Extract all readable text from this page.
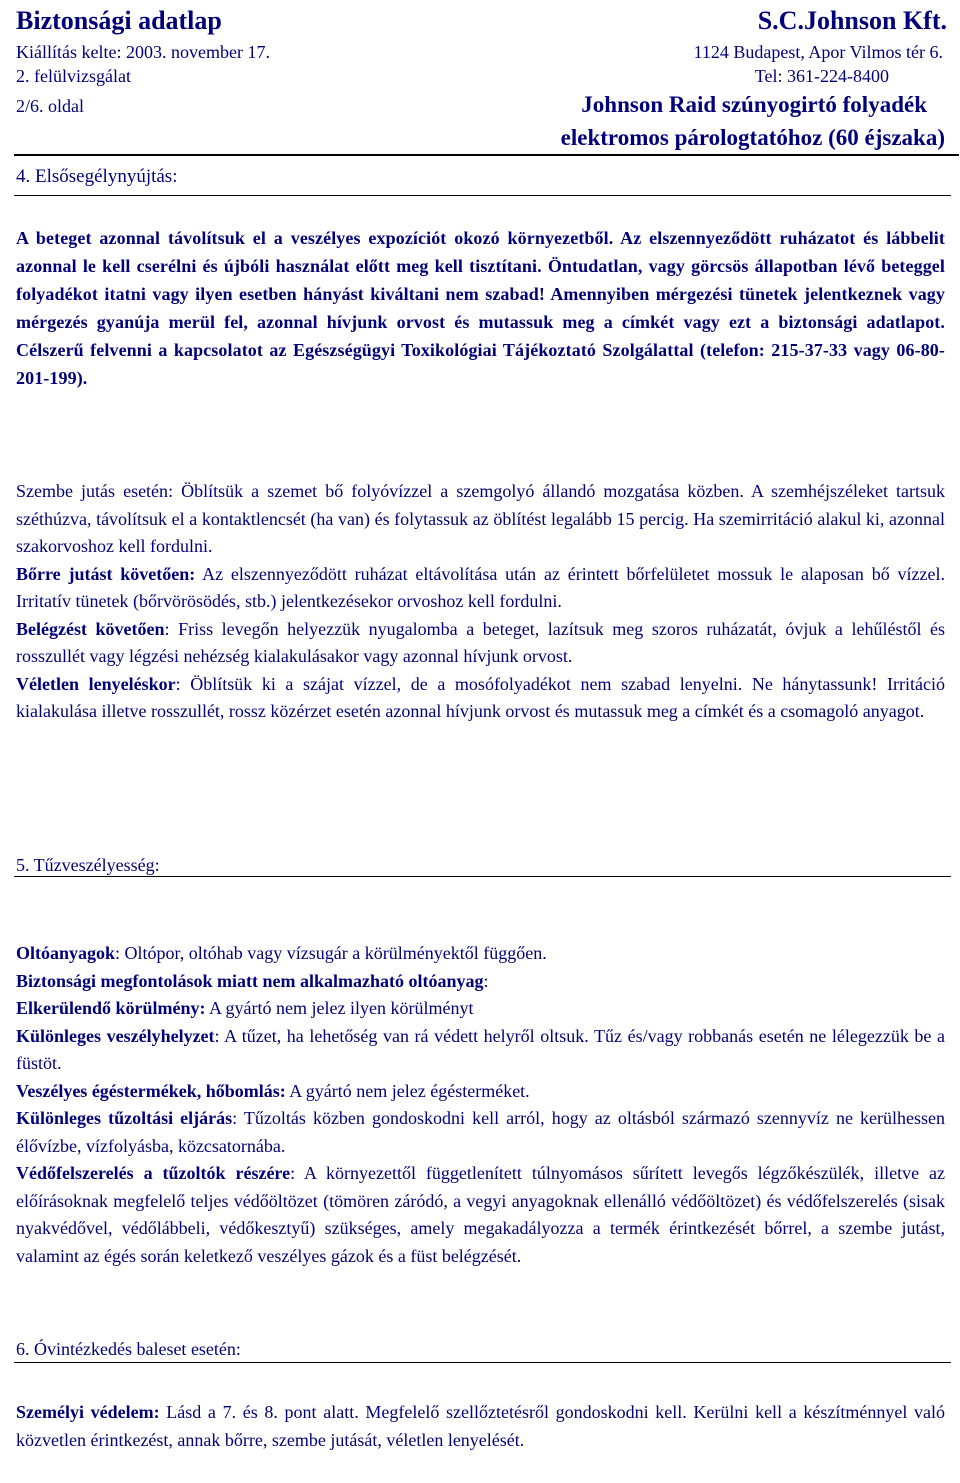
Biztonsági adatlap	S.C.Johnson Kft.
Kiállítás kelte: 2003. november 17.	1124 Budapest, Apor Vilmos tér 6.
2. felülvizsgálat	Tel: 361-224-8400
2/6. oldal	Johnson Raid szúnyogirtó folyadék
elektromos párologtatóhoz (60 éjszaka)
4. Elsősegélynyújtás:
A beteget azonnal távolítsuk el a veszélyes expozíciót okozó környezetből. Az elszennyeződött ruházatot és lábbelit azonnal le kell cserélni és újbóli használat előtt meg kell tisztítani. Öntudatlan, vagy görcsös állapotban lévő beteggel folyadékot itatni vagy ilyen esetben hányást kiváltani nem szabad! Amennyiben mérgezési tünetek jelentkeznek vagy mérgezés gyanúja merül fel, azonnal hívjunk orvost és mutassuk meg a címkét vagy ezt a biztonsági adatlapot. Célszerű felvenni a kapcsolatot az Egészségügyi Toxikológiai Tájékoztató Szolgálattal (telefon: 215-37-33 vagy 06-80-201-199).

Szembe jutás esetén: Öblítsük a szemet bő folyóvízzel a szemgolyó állandó mozgatása közben. A szemhéjszéleket tartsuk széthúzva, távolítsuk el a kontaktlencsét (ha van) és folytassuk az öblítést legalább 15 percig. Ha szemirritáció alakul ki, azonnal szakorvoshoz kell fordulni.

Bőrre jutást követően: Az elszennyeződött ruházat eltávolítása után az érintett bőrfelületet mossuk le alaposan bő vízzel. Irritatív tünetek (bőrvörösödés, stb.) jelentkezésekor orvoshoz kell fordulni.

Belégzést követően: Friss levegőn helyezzük nyugalomba a beteget, lazítsuk meg szoros ruházatát, óvjuk a lehűléstől és rosszullét vagy légzési nehézség kialakulásakor vagy azonnal hívjunk orvost.

Véletlen lenyeléskor: Öblítsük ki a szájat vízzel, de a mosófolyadékot nem szabad lenyelni. Ne hánytassunk! Irritáció kialakulása illetve rosszullét, rossz közérzet esetén azonnal hívjunk orvost és mutassuk meg a címkét és a csomagoló anyagot.

5. Tűzveszélyesség:

Oltóanyagok: Oltópor, oltóhab vagy vízsugár a körülményektől függően.

Biztonsági megfontolások miatt nem alkalmazható oltóanyag:

Elkerülendő körülmény: A gyártó nem jelez ilyen körülményt

Különleges veszélyhelyzet: A tűzet, ha lehetőség van rá védett helyről oltsuk. Tűz és/vagy robbanás esetén ne lélegezzük be a füstöt.

Veszélyes égéstermékek, hőbomlás: A gyártó nem jelez égésterméket.

Különleges tűzoltási eljárás: Tűzoltás közben gondoskodni kell arról, hogy az oltásból származó szennyvíz ne kerülhessen élővízbe, vízfolyásba, közcsatornába.

Védőfelszerelés a tűzoltók részére: A környezettől függetlenített túlnyomásos sűrített levegős légzőkészülék, illetve az előírásoknak megfelelő teljes védőöltözet (tömören záródó, a vegyi anyagoknak ellenálló védőöltözet) és védőfelszerelés (sisak nyakvédővel, védőlábbeli, védőkesztyű) szükséges, amely megakadályozza a termék érintkezését bőrrel, a szembe jutást, valamint az égés során keletkező veszélyes gázok és a füst belégzését.

6. Óvintézkedés baleset esetén:

Személyi védelem: Lásd a 7. és 8. pont alatt. Megfelelő szellőztetésről gondoskodni kell. Kerülni kell a készítménnyel való közvetlen érintkezést, annak bőrre, szembe jutását, véletlen lenyelését.
